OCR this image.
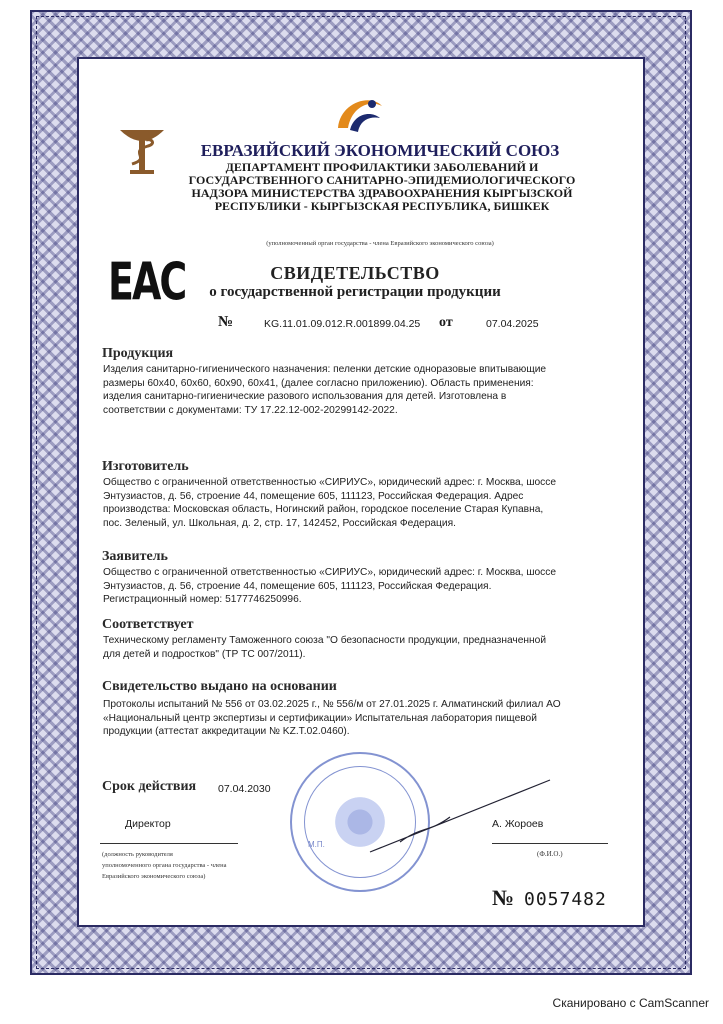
ЕВРАЗИЙСКИЙ ЭКОНОМИЧЕСКИЙ СОЮЗ
ДЕПАРТАМЕНТ ПРОФИЛАКТИКИ ЗАБОЛЕВАНИЙ И
ГОСУДАРСТВЕННОГО САНИТАРНО-ЭПИДЕМИОЛОГИЧЕСКОГО
НАДЗОРА МИНИСТЕРСТВА ЗДРАВООХРАНЕНИЯ КЫРГЫЗСКОЙ
РЕСПУБЛИКИ - КЫРГЫЗСКАЯ РЕСПУБЛИКА, БИШКЕК
(уполномоченный орган государства - члена Евразийского экономического союза)
ЕАС	СВИДЕТЕЛЬСТВО
о государственной регистрации продукции
№	KG.11.01.09.012.R.001899.04.25 от	07.04.2025
Продукция
Изделия санитарно-гигиенического назначения: пеленки детские одноразовые впитывающие
размеры 60х40, 60х60, 60х90, 60х41, (далее согласно приложению). Область применения:
изделия санитарно-гигиенические разового использования для детей. Изготовлена в
соответствии с документами: ТУ 17.22.12-002-20299142-2022.
Изготовитель
Общество с ограниченной ответственностью «СИРИУС», юридический адрес: г. Москва, шоссе
Энтузиастов, д. 56, строение 44, помещение 605, 111123, Российская Федерация. Адрес
производства: Московская область, Ногинский район, городское поселение Старая Купавна,
пос. Зеленый, ул. Школьная, д. 2, стр. 17, 142452, Российская Федерация.
Заявитель
Общество с ограниченной ответственностью «СИРИУС», юридический адрес: г. Москва, шоссе
Энтузиастов, д. 56, строение 44, помещение 605, 111123, Российская Федерация.
Регистрационный номер: 5177746250996.
Соответствует
Техническому регламенту Таможенного союза "О безопасности продукции, предназначенной
для детей и подростков" (ТР ТС 007/2011).
Свидетельство выдано на основании
Протоколы испытаний № 556 от 03.02.2025 г., № 556/м от 27.01.2025 г. Алматинский филиал АО
«Национальный центр экспертизы и сертификации» Испытательная лаборатория пищевой
продукции (аттестат аккредитации № KZ.T.02.0460).
Срок действия 07.04.2030
М.П.
Директор	А. Жороев
(должность руководителя
уполномоченного органа государства - члена
Евразийского экономического союза)
(Ф.И.О.)
№ 0057482
Сканировано с CamScanner
